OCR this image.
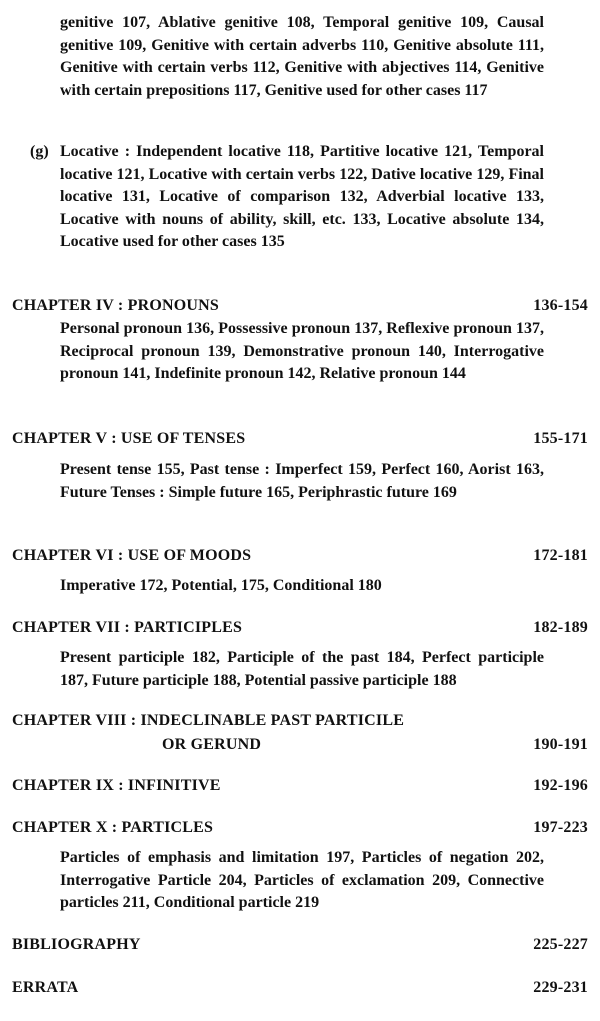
genitive 107, Ablative genitive 108, Temporal genitive 109, Causal genitive 109, Genitive with certain adverbs 110, Genitive absolute 111, Genitive with certain verbs 112, Genitive with abjectives 114, Genitive with certain prepositions 117, Genitive used for other cases 117

(g) Locative : Independent locative 118, Partitive locative 121, Temporal locative 121, Locative with certain verbs 122, Dative locative 129, Final locative 131, Locative of comparison 132, Adverbial locative 133, Locative with nouns of ability, skill, etc. 133, Locative absolute 134, Locative used for other cases 135

CHAPTER IV : PRONOUNS	136-154

Personal pronoun 136, Possessive pronoun 137, Reflexive pronoun 137, Reciprocal pronoun 139, Demonstrative pronoun 140, Interrogative pronoun 141, Indefinite pronoun 142, Relative pronoun 144

CHAPTER V : USE OF TENSES	155-171

Present tense 155, Past tense : Imperfect 159, Perfect 160, Aorist 163, Future Tenses : Simple future 165, Periphrastic future 169

CHAPTER VI : USE OF MOODS	172-181

Imperative 172, Potential, 175, Conditional 180

CHAPTER VII : PARTICIPLES	182-189

Present participle 182, Participle of the past 184, Perfect participle 187, Future participle 188, Potential passive participle 188

CHAPTER VIII : INDECLINABLE PAST PARTICILE
OR GERUND	190-191
CHAPTER IX : INFINITIVE	192-196
CHAPTER X : PARTICLES	197-223

Particles of emphasis and limitation 197, Particles of negation 202, Interrogative Particle 204, Particles of exclamation 209, Connective particles 211, Conditional particle 219

BIBLIOGRAPHY	225-227
ERRATA	229-231
